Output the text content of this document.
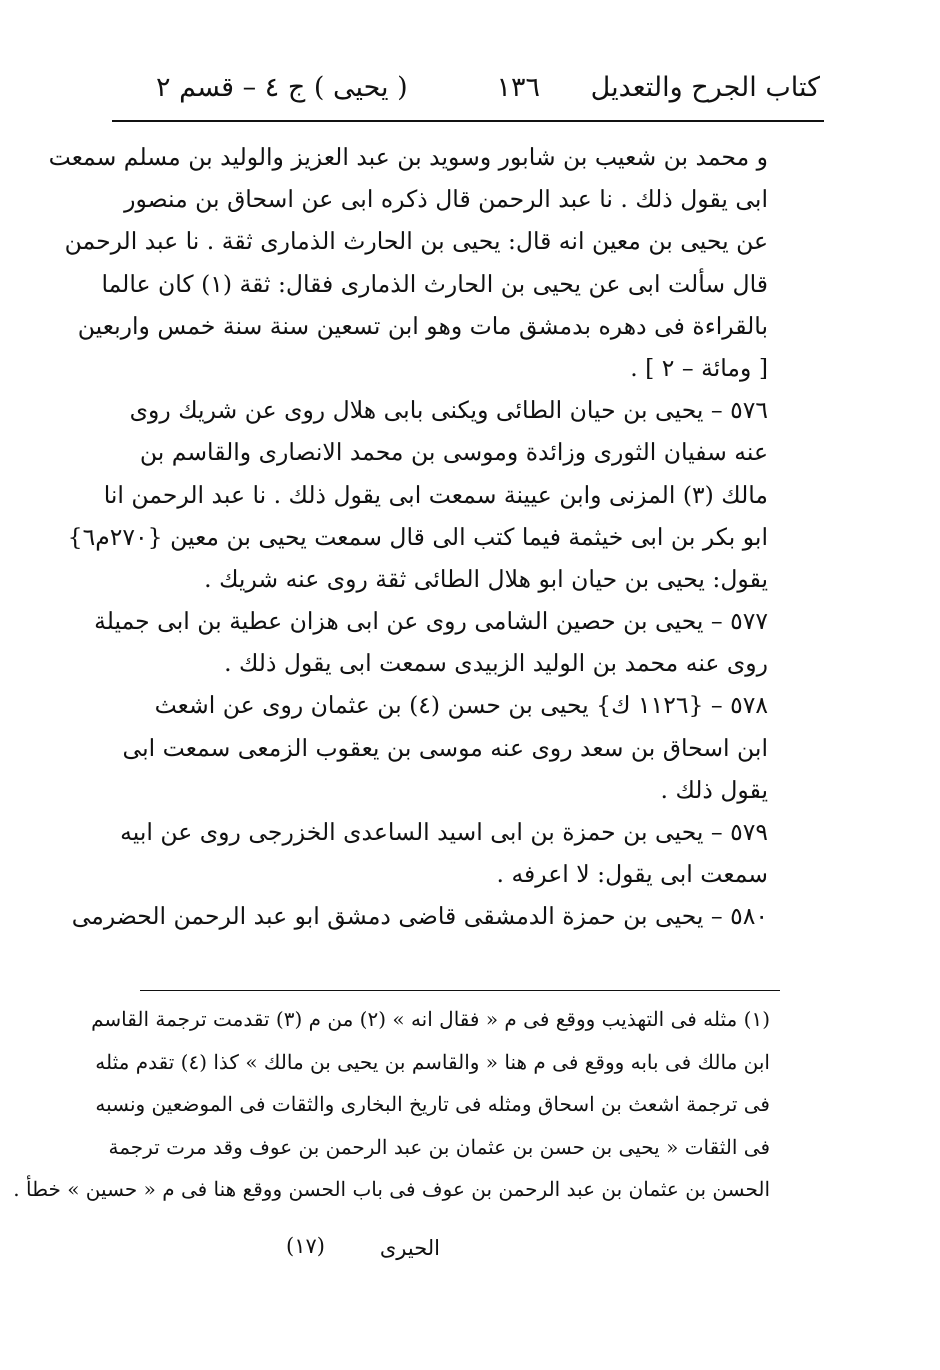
كتاب الجرح والتعديل
١٣٦
( يحيى ) ج ٤ – قسم ٢
و محمد بن شعيب بن شابور وسويد بن عبد العزيز والوليد بن مسلم سمعت
ابى يقول ذلك . نا عبد الرحمن قال ذكره ابى عن اسحاق بن منصور
عن يحيى بن معين انه قال: يحيى بن الحارث الذمارى ثقة . نا عبد الرحمن
قال سألت ابى عن يحيى بن الحارث الذمارى فقال: ثقة (١) كان عالما
بالقراءة فى دهره بدمشق مات وهو ابن تسعين سنة سنة خمس واربعين
[ ومائة – ٢ ] .
٥٧٦ – يحيى بن حيان الطائى ويكنى بابى هلال روى عن شريك روى
عنه سفيان الثورى وزائدة وموسى بن محمد الانصارى والقاسم بن
مالك (٣) المزنى وابن عيينة سمعت ابى يقول ذلك . نا عبد الرحمن انا
ابو بكر بن ابى خيثمة فيما كتب الى قال سمعت يحيى بن معين {٢٧٠م٦}
يقول: يحيى بن حيان ابو هلال الطائى ثقة روى عنه شريك .
٥٧٧ – يحيى بن حصين الشامى روى عن ابى هزان عطية بن ابى جميلة
روى عنه محمد بن الوليد الزبيدى سمعت ابى يقول ذلك .
٥٧٨ – {١١٢٦ ك} يحيى بن حسن (٤) بن عثمان روى عن اشعث
ابن اسحاق بن سعد روى عنه موسى بن يعقوب الزمعى سمعت ابى
يقول ذلك .
٥٧٩ – يحيى بن حمزة بن ابى اسيد الساعدى الخزرجى روى عن ابيه
سمعت ابى يقول: لا اعرفه .
٥٨٠ – يحيى بن حمزة الدمشقى قاضى دمشق ابو عبد الرحمن الحضرمى
(١) مثله فى التهذيب ووقع فى م « فقال انه » (٢) من م (٣) تقدمت ترجمة القاسم
ابن مالك فى بابه ووقع فى م هنا « والقاسم بن يحيى بن مالك » كذا (٤) تقدم مثله
فى ترجمة اشعث بن اسحاق ومثله فى تاريخ البخارى والثقات فى الموضعين ونسبه
فى الثقات « يحيى بن حسن بن عثمان بن عبد الرحمن بن عوف وقد مرت ترجمة
الحسن بن عثمان بن عبد الرحمن بن عوف فى باب الحسن ووقع هنا فى م « حسين » خطأ .
الحيرى
(١٧)
